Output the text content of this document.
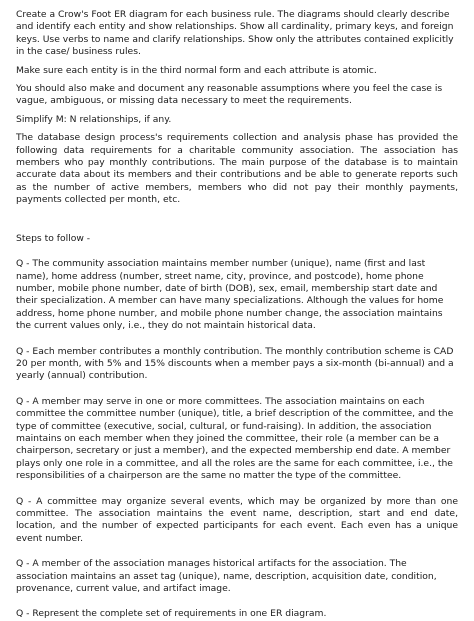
Create a Crow's Foot ER diagram for each business rule. The diagrams should clearly describe and identify each entity and show relationships. Show all cardinality, primary keys, and foreign keys. Use verbs to name and clarify relationships. Show only the attributes contained explicitly in the case/ business rules.

Make sure each entity is in the third normal form and each attribute is atomic.

You should also make and document any reasonable assumptions where you feel the case is vague, ambiguous, or missing data necessary to meet the requirements.

Simplify M: N relationships, if any.

The database design process's requirements collection and analysis phase has provided the following data requirements for a charitable community association. The association has members who pay monthly contributions. The main purpose of the database is to maintain accurate data about its members and their contributions and be able to generate reports such as the number of active members, members who did not pay their monthly payments, payments collected per month, etc.

Steps to follow -

Q - The community association maintains member number (unique), name (first and last name), home address (number, street name, city, province, and postcode), home phone number, mobile phone number, date of birth (DOB), sex, email, membership start date and their specialization. A member can have many specializations. Although the values for home address, home phone number, and mobile phone number change, the association maintains the current values only, i.e., they do not maintain historical data.

Q - Each member contributes a monthly contribution. The monthly contribution scheme is CAD 20 per month, with 5% and 15% discounts when a member pays a six-month (bi-annual) and a yearly (annual) contribution.

Q - A member may serve in one or more committees. The association maintains on each committee the committee number (unique), title, a brief description of the committee, and the type of committee (executive, social, cultural, or fund-raising). In addition, the association maintains on each member when they joined the committee, their role (a member can be a chairperson, secretary or just a member), and the expected membership end date. A member plays only one role in a committee, and all the roles are the same for each committee, i.e., the responsibilities of a chairperson are the same no matter the type of the committee.

Q - A committee may organize several events, which may be organized by more than one committee. The association maintains the event name, description, start and end date, location, and the number of expected participants for each event. Each even has a unique event number.

Q - A member of the association manages historical artifacts for the association. The association maintains an asset tag (unique), name, description, acquisition date, condition, provenance, current value, and artifact image.

Q - Represent the complete set of requirements in one ER diagram.
